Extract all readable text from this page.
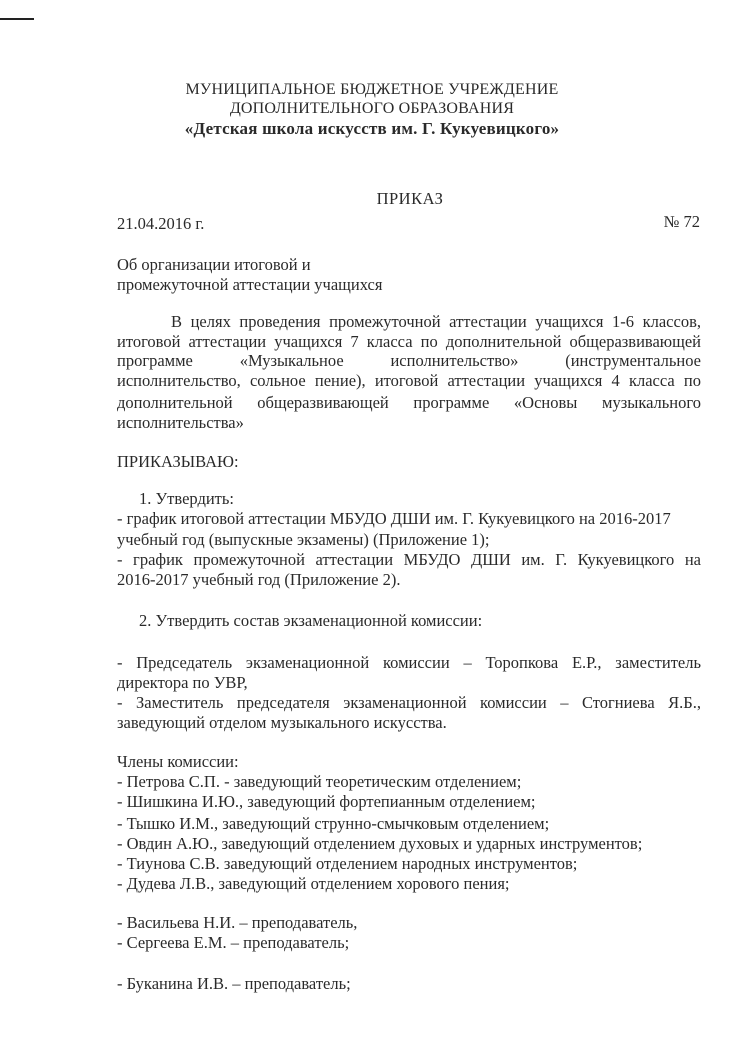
МУНИЦИПАЛЬНОЕ БЮДЖЕТНОЕ УЧРЕЖДЕНИЕ
ДОПОЛНИТЕЛЬНОГО ОБРАЗОВАНИЯ
«Детская школа искусств им. Г. Кукуевицкого»
ПРИКАЗ
21.04.2016 г.	№ 72
Об организации итоговой и
промежуточной аттестации учащихся
В целях проведения промежуточной аттестации учащихся 1-6 классов,
итоговой аттестации учащихся 7 класса по дополнительной общеразвивающей
программе «Музыкальное исполнительство» (инструментальное
исполнительство, сольное пение), итоговой аттестации учащихся 4 класса по
дополнительной общеразвивающей программе «Основы музыкального
исполнительства»
ПРИКАЗЫВАЮ:
1. Утвердить:
- график итоговой аттестации МБУДО ДШИ им. Г. Кукуевицкого на 2016-2017
учебный год (выпускные экзамены) (Приложение 1);
- график промежуточной аттестации МБУДО ДШИ им. Г. Кукуевицкого на
2016-2017 учебный год (Приложение 2).
2. Утвердить состав экзаменационной комиссии:
- Председатель экзаменационной комиссии – Торопкова Е.Р., заместитель
директора по УВР,
- Заместитель председателя экзаменационной комиссии – Стогниева Я.Б.,
заведующий отделом музыкального искусства.
Члены комиссии:
- Петрова С.П. - заведующий теоретическим отделением;
- Шишкина И.Ю., заведующий фортепианным отделением;
- Тышко И.М., заведующий струнно-смычковым отделением;
- Овдин А.Ю., заведующий отделением духовых и ударных инструментов;
- Тиунова С.В. заведующий отделением народных инструментов;
- Дудева Л.В., заведующий отделением хорового пения;
- Васильева Н.И. – преподаватель,
- Сергеева Е.М. – преподаватель;
- Буканина И.В. – преподаватель;
